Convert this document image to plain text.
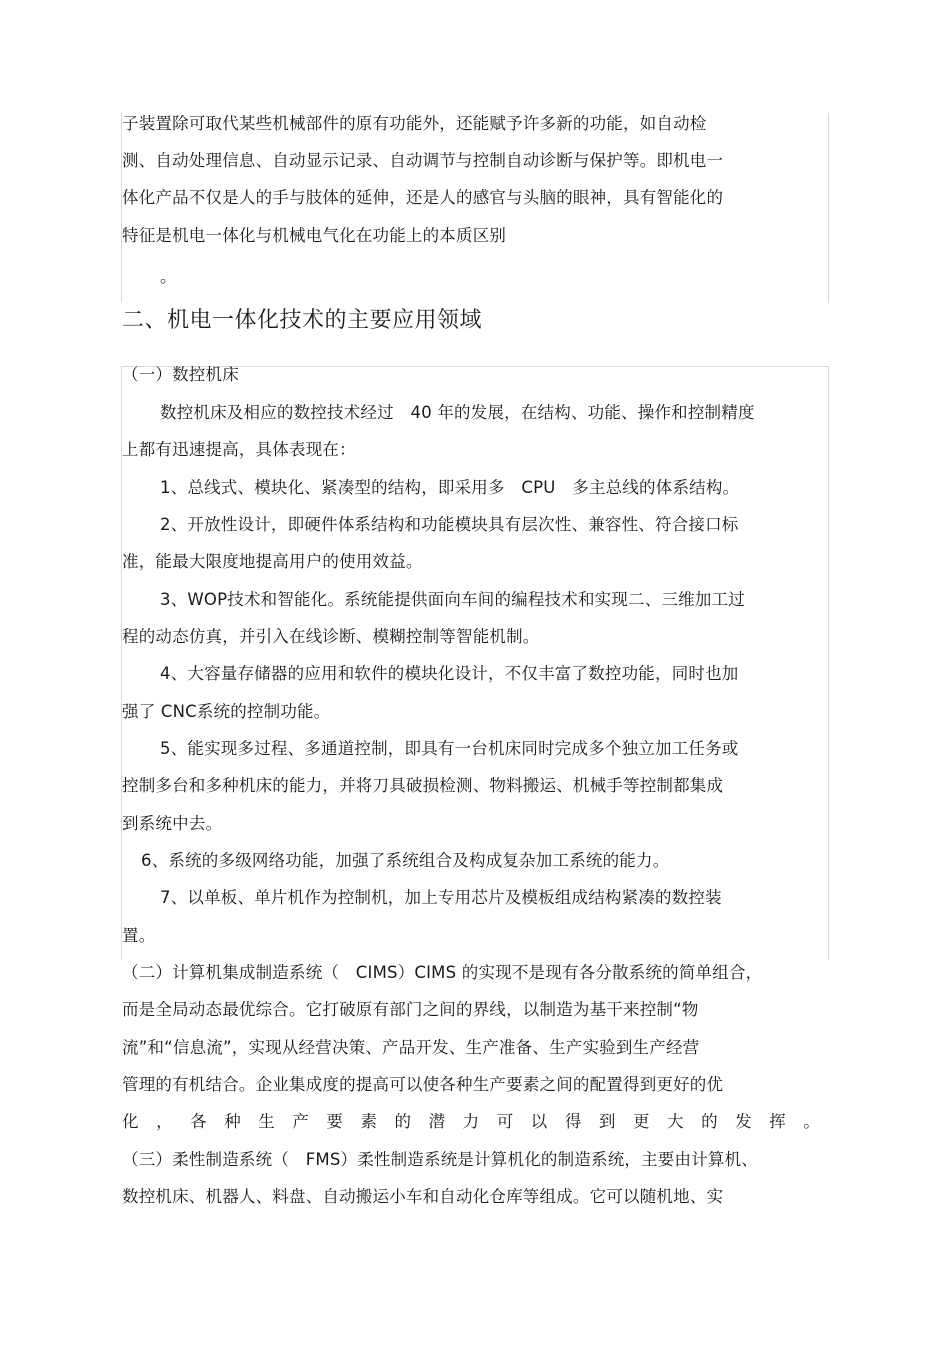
子装置除可取代某些机械部件的原有功能外，还能赋予许多新的功能，如自动检

测、自动处理信息、自动显示记录、自动调节与控制自动诊断与保护等。即机电一

体化产品不仅是人的手与肢体的延伸，还是人的感官与头脑的眼神，具有智能化的

特征是机电一体化与机械电气化在功能上的本质区别

。

二、机电一体化技术的主要应用领域

（一）数控机床

数控机床及相应的数控技术经过　40 年的发展，在结构、功能、操作和控制精度

上都有迅速提高，具体表现在：

1、总线式、模块化、紧凑型的结构，即采用多　CPU　多主总线的体系结构。

2、开放性设计，即硬件体系结构和功能模块具有层次性、兼容性、符合接口标

准，能最大限度地提高用户的使用效益。

3、WOP技术和智能化。系统能提供面向车间的编程技术和实现二、三维加工过

程的动态仿真，并引入在线诊断、模糊控制等智能机制。

4、大容量存储器的应用和软件的模块化设计，不仅丰富了数控功能，同时也加

强了 CNC系统的控制功能。

5、能实现多过程、多通道控制，即具有一台机床同时完成多个独立加工任务或

控制多台和多种机床的能力，并将刀具破损检测、物料搬运、机械手等控制都集成

到系统中去。

6、系统的多级网络功能，加强了系统组合及构成复杂加工系统的能力。

7、以单板、单片机作为控制机，加上专用芯片及模板组成结构紧凑的数控装

置。

（二）计算机集成制造系统（　CIMS）CIMS 的实现不是现有各分散系统的简单组合，

而是全局动态最优综合。它打破原有部门之间的界线，以制造为基干来控制“物

流”和“信息流”，实现从经营决策、产品开发、生产准备、生产实验到生产经营

管理的有机结合。企业集成度的提高可以使各种生产要素之间的配置得到更好的优

化 ， 各 种 生 产 要 素 的 潜 力 可 以 得 到 更 大 的 发 挥 。

（三）柔性制造系统（　FMS）柔性制造系统是计算机化的制造系统，主要由计算机、

数控机床、机器人、料盘、自动搬运小车和自动化仓库等组成。它可以随机地、实
